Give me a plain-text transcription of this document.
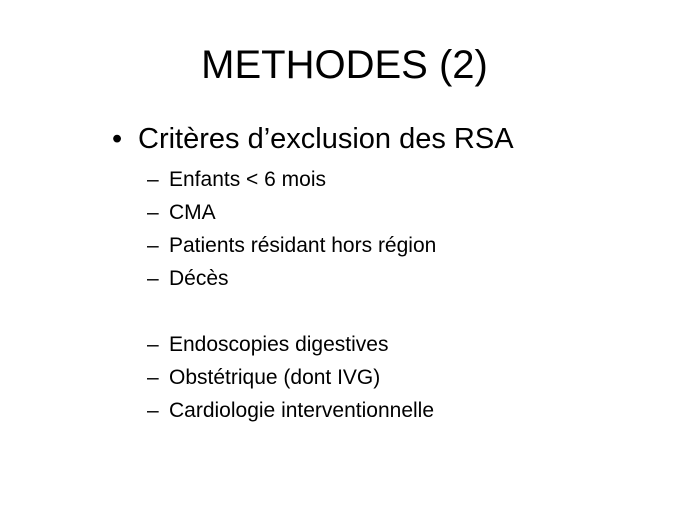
METHODES (2)
• Critères d’exclusion des RSA
– Enfants < 6 mois
– CMA
– Patients résidant hors région
– Décès
– Endoscopies digestives
– Obstétrique (dont IVG)
– Cardiologie interventionnelle
